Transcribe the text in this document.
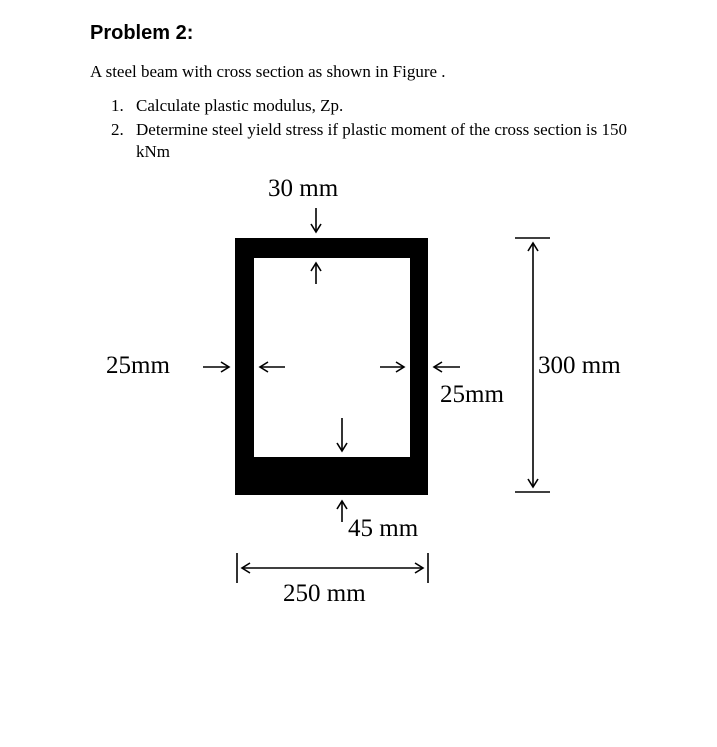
Problem 2:
A steel beam with cross section as shown in Figure .
1. Calculate plastic modulus, Zp.
2. Determine steel yield stress if plastic moment of the cross section is 150 kNm
30 mm
25mm
25mm
45 mm
300 mm
250 mm
